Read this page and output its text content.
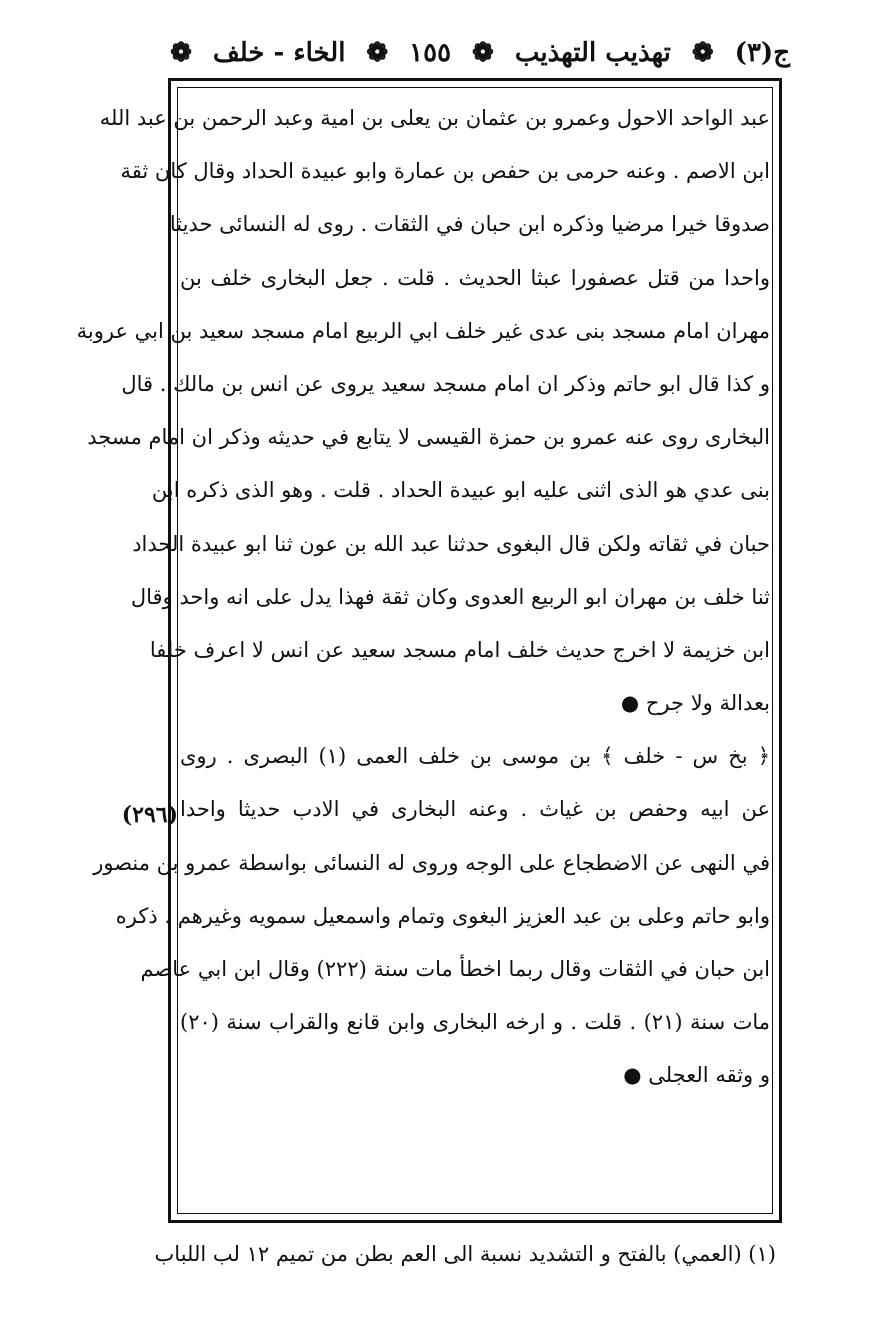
ج(٣)
❁
تهذيب التهذيب
❁
١٥٥
❁
الخاء - خلف
❁
عبد الواحد الاحول وعمرو بن عثمان بن يعلى بن امية وعبد الرحمن بن عبد الله
ابن الاصم . وعنه حرمى بن حفص بن عمارة وابو عبيدة الحداد وقال كان ثقة
صدوقا خيرا مرضيا وذكره ابن حبان في الثقات . روى له النسائى حديثا
واحدا من قتل عصفورا عبثا الحديث . قلت . جعل البخارى خلف بن
مهران امام مسجد بنى عدى غير خلف ابي الربيع امام مسجد سعيد بن ابي عروبة
و كذا قال ابو حاتم وذكر ان امام مسجد سعيد يروى عن انس بن مالك . قال
البخارى روى عنه عمرو بن حمزة القيسى لا يتابع في حديثه وذكر ان امام مسجد
بنى عدي هو الذى اثنى عليه ابو عبيدة الحداد . قلت . وهو الذى ذكره ابن
حبان في ثقاته ولكن قال البغوى حدثنا عبد الله بن عون ثنا ابو عبيدة الحداد
ثنا خلف بن مهران ابو الربيع العدوى وكان ثقة فهذا يدل على انه واحد وقال
ابن خزيمة لا اخرج حديث خلف امام مسجد سعيد عن انس لا اعرف خلفا
بعدالة ولا جرح ●
﴿ بخ س - خلف ﴾ بن موسى بن خلف العمى (١) البصرى . روى
عن ابيه وحفص بن غياث . وعنه البخارى في الادب حديثا واحدا
في النهى عن الاضطجاع على الوجه وروى له النسائى بواسطة عمرو بن منصور
وابو حاتم وعلى بن عبد العزيز البغوى وتمام واسمعيل سمويه وغيرهم . ذكره
ابن حبان في الثقات وقال ربما اخطأ مات سنة (٢٢٢) وقال ابن ابي عاصم
مات سنة (٢١) . قلت . و ارخه البخارى وابن قانع والقراب سنة (٢٠)
و وثقه العجلى ●
(٢٩٦)
(١) (العمي) بالفتح و التشديد نسبة الى العم بطن من تميم ١٢ لب اللباب
